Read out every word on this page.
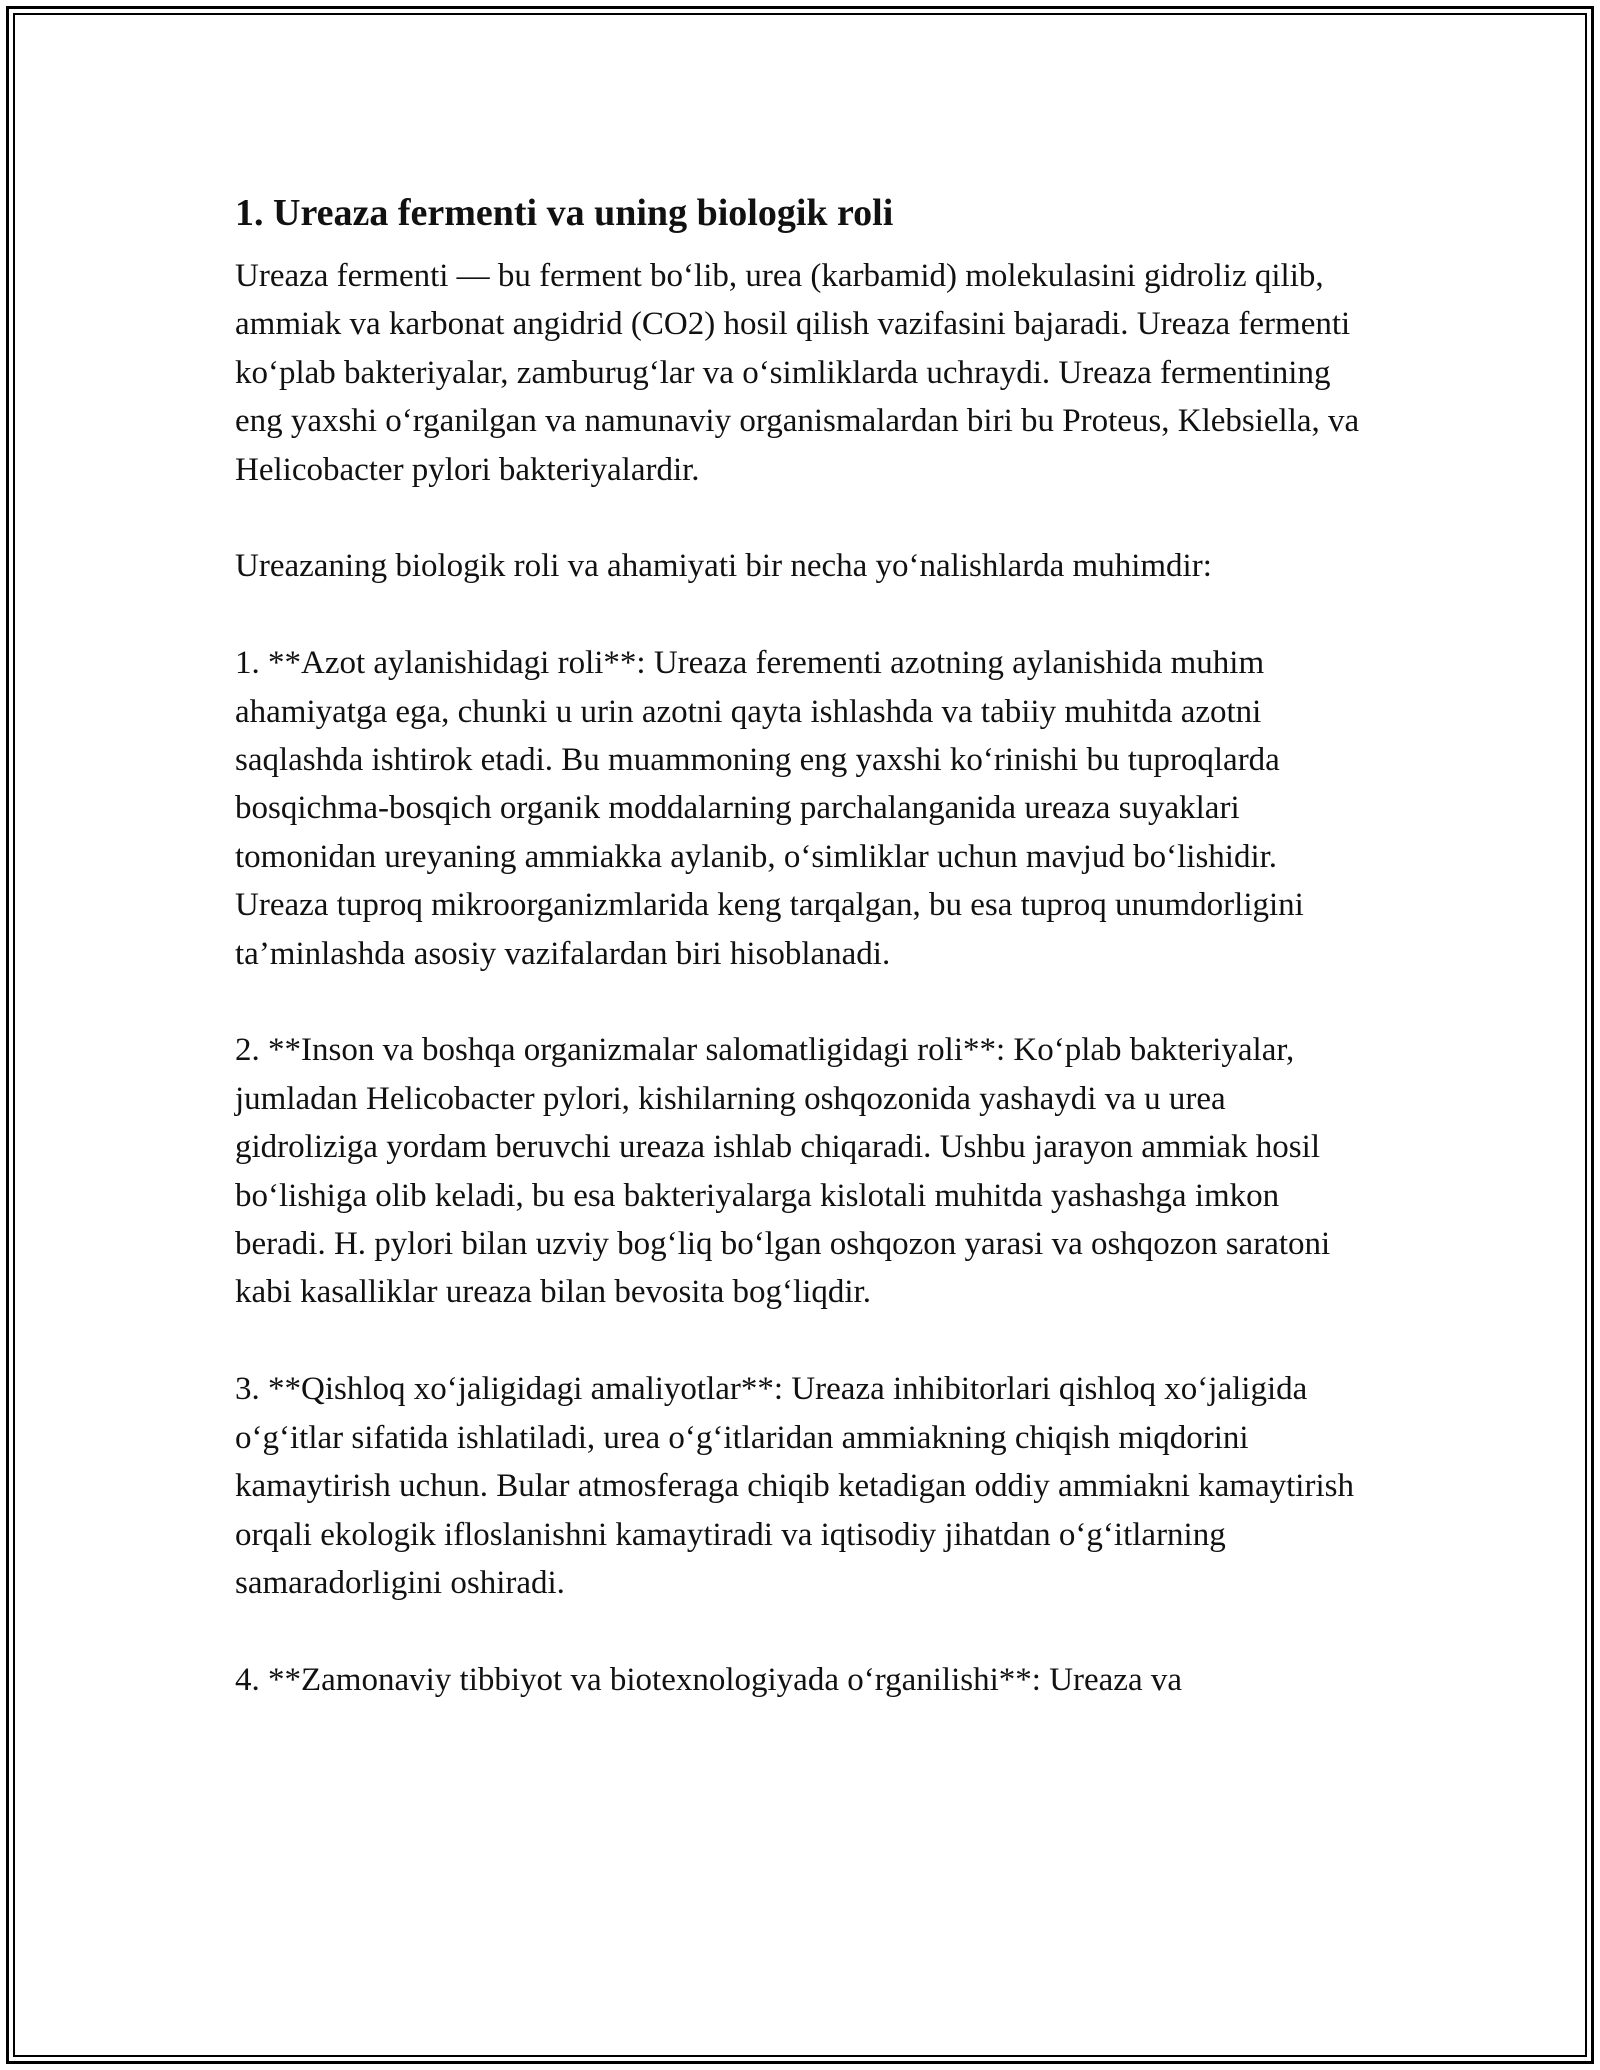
1. Ureaza fermenti va uning biologik roli

Ureaza fermenti — bu ferment bo‘lib, urea (karbamid) molekulasini gidroliz qilib, ammiak va karbonat angidrid (CO2) hosil qilish vazifasini bajaradi. Ureaza fermenti ko‘plab bakteriyalar, zamburug‘lar va o‘simliklarda uchraydi. Ureaza fermentining eng yaxshi o‘rganilgan va namunaviy organismalardan biri bu Proteus, Klebsiella, va Helicobacter pylori bakteriyalardir.

Ureazaning biologik roli va ahamiyati bir necha yo‘nalishlarda muhimdir:

1. **Azot aylanishidagi roli**: Ureaza ferementi azotning aylanishida muhim ahamiyatga ega, chunki u urin azotni qayta ishlashda va tabiiy muhitda azotni saqlashda ishtirok etadi. Bu muammoning eng yaxshi ko‘rinishi bu tuproqlarda bosqichma-bosqich organik moddalarning parchalanganida ureaza suyaklari tomonidan ureyaning ammiakka aylanib, o‘simliklar uchun mavjud bo‘lishidir. Ureaza tuproq mikroorganizmlarida keng tarqalgan, bu esa tuproq unumdorligini ta’minlashda asosiy vazifalardan biri hisoblanadi.

2. **Inson va boshqa organizmalar salomatligidagi roli**: Ko‘plab bakteriyalar, jumladan Helicobacter pylori, kishilarning oshqozonida yashaydi va u urea gidroliziga yordam beruvchi ureaza ishlab chiqaradi. Ushbu jarayon ammiak hosil bo‘lishiga olib keladi, bu esa bakteriyalarga kislotali muhitda yashashga imkon beradi. H. pylori bilan uzviy bog‘liq bo‘lgan oshqozon yarasi va oshqozon saratoni kabi kasalliklar ureaza bilan bevosita bog‘liqdir.

3. **Qishloq xo‘jaligidagi amaliyotlar**: Ureaza inhibitorlari qishloq xo‘jaligida o‘g‘itlar sifatida ishlatiladi, urea o‘g‘itlaridan ammiakning chiqish miqdorini kamaytirish uchun. Bular atmosferaga chiqib ketadigan oddiy ammiakni kamaytirish orqali ekologik ifloslanishni kamaytiradi va iqtisodiy jihatdan o‘g‘itlarning samaradorligini oshiradi.

4. **Zamonaviy tibbiyot va biotexnologiyada o‘rganilishi**: Ureaza va
